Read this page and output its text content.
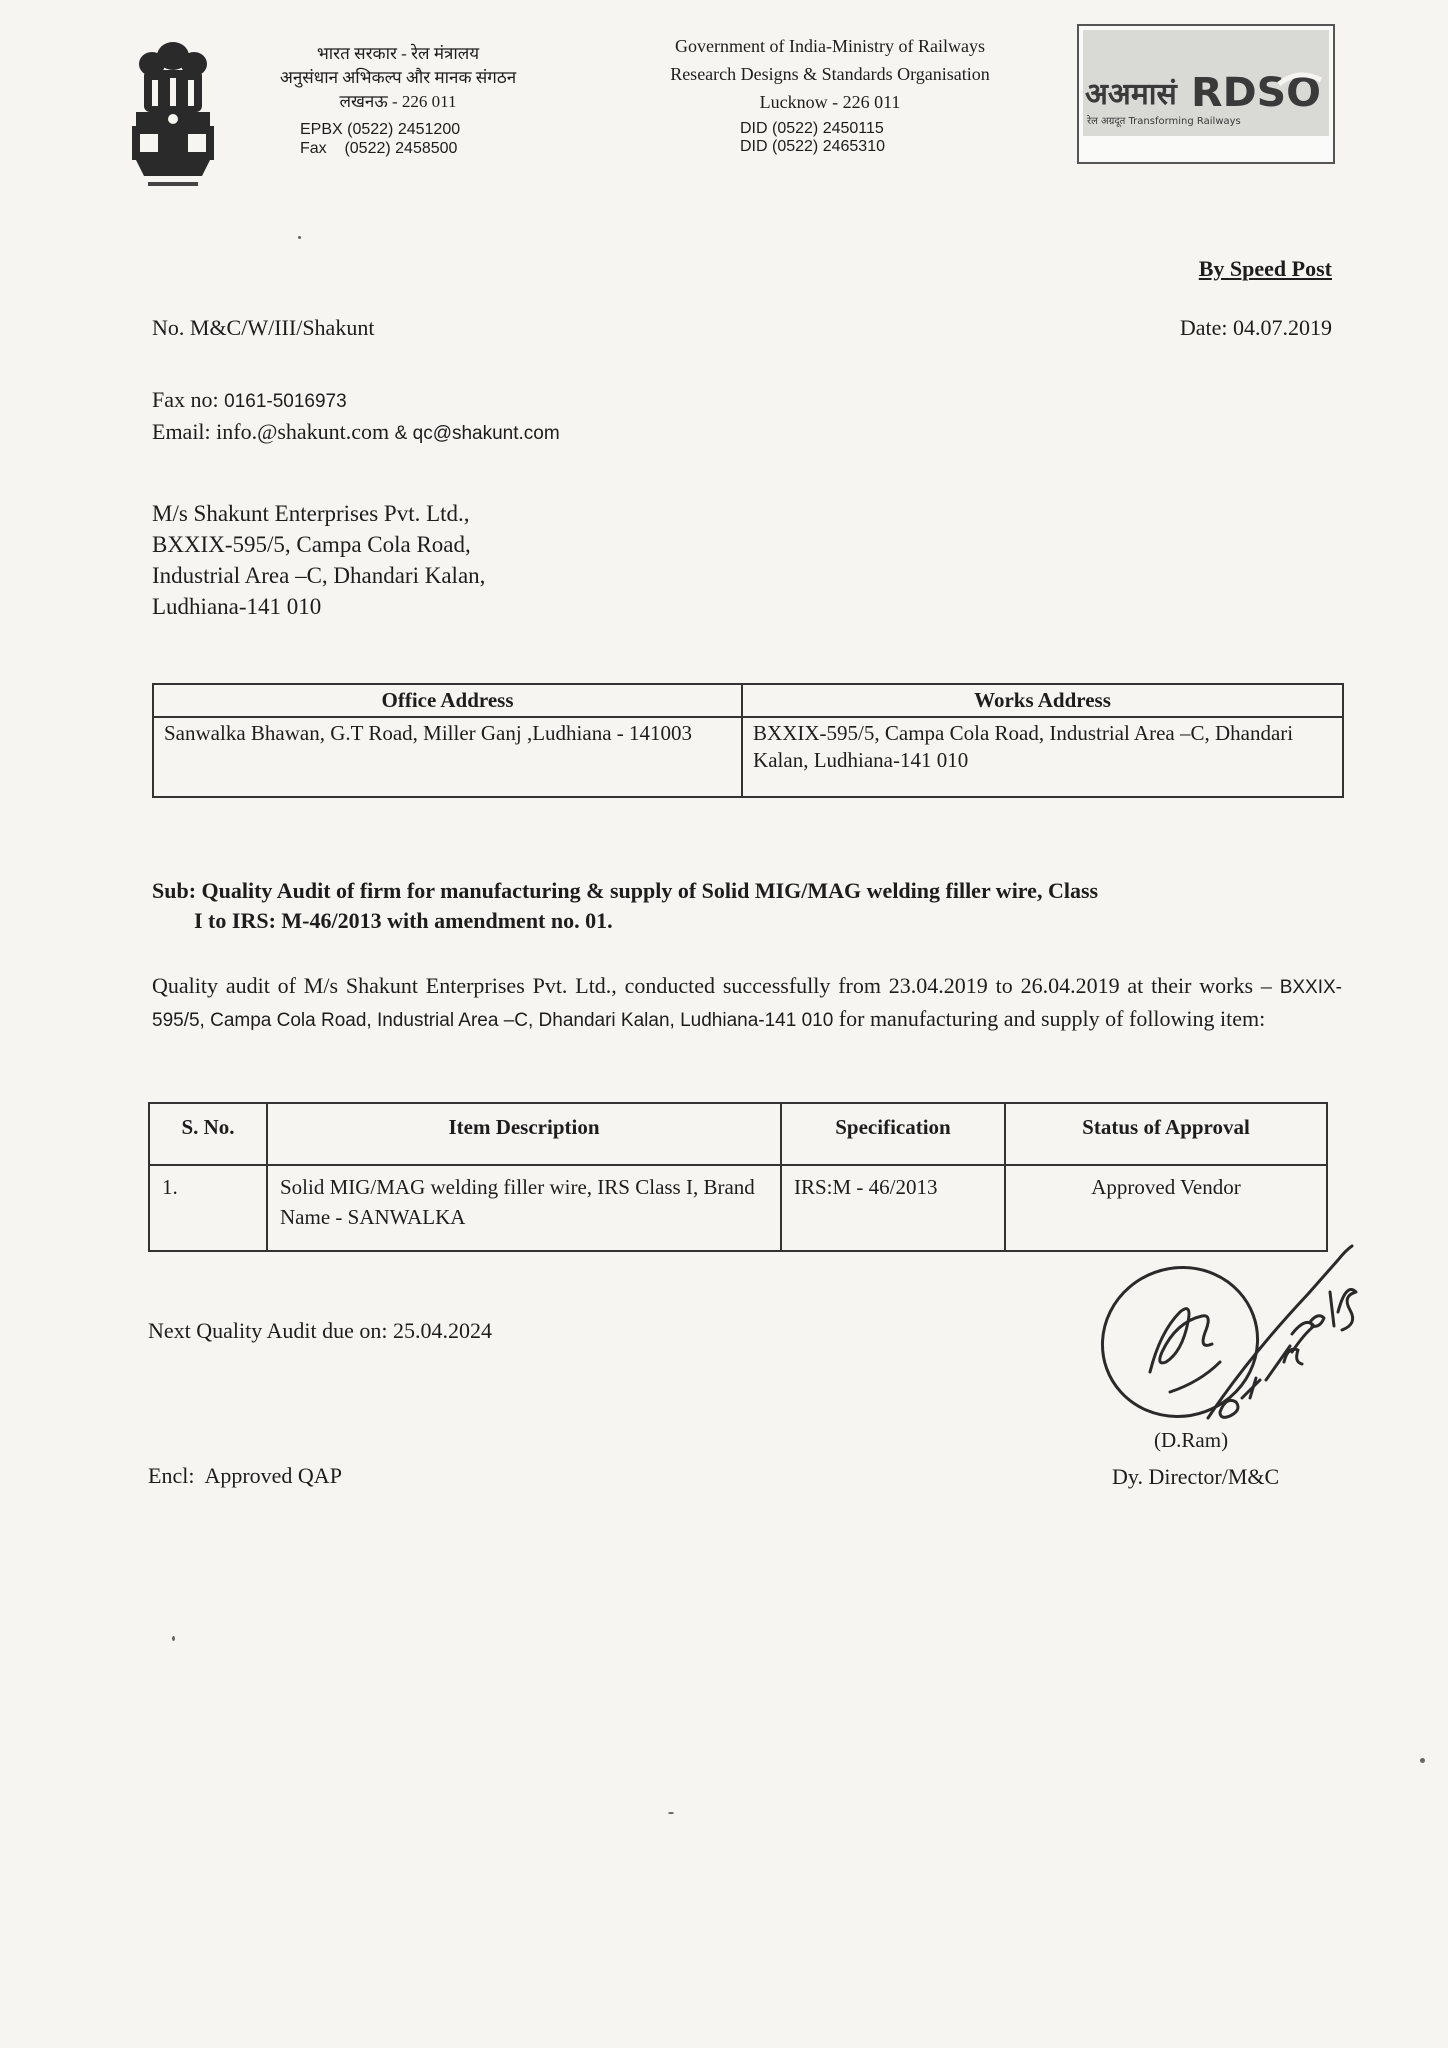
भारत सरकार - रेल मंत्रालय
अनुसंधान अभिकल्प और मानक संगठन
लखनऊ - 226 011
EPBX (0522) 2451200
Fax    (0522) 2458500
Government of India-Ministry of Railways
Research Designs & Standards Organisation
Lucknow - 226 011
DID (0522) 2450115
DID (0522) 2465310
अअमासं RDSO
रेल अग्रदूत Transforming Railways
By Speed Post
No. M&C/W/III/Shakunt	Date: 04.07.2019
Fax no: 0161-5016973
Email: info.@shakunt.com & qc@shakunt.com
M/s Shakunt Enterprises Pvt. Ltd.,
BXXIX-595/5, Campa Cola Road,
Industrial Area –C, Dhandari Kalan,
Ludhiana-141 010
Office Address	Works Address
Sanwalka Bhawan, G.T Road, Miller Ganj ,Ludhiana - 141003	BXXIX-595/5, Campa Cola Road, Industrial Area –C, Dhandari Kalan, Ludhiana-141 010
Sub: Quality Audit of firm for manufacturing & supply of Solid MIG/MAG welding filler wire, Class
I to IRS: M-46/2013 with amendment no. 01.
Quality audit of M/s Shakunt Enterprises Pvt. Ltd., conducted successfully from 23.04.2019 to 26.04.2019 at their works – BXXIX-595/5, Campa Cola Road, Industrial Area –C, Dhandari Kalan, Ludhiana-141 010 for manufacturing and supply of following item:
S. No.	Item Description	Specification	Status of Approval
1.	Solid MIG/MAG welding filler wire, IRS Class I, Brand Name - SANWALKA	IRS:M - 46/2013	Approved Vendor
Next Quality Audit due on: 25.04.2024
Encl: Approved QAP
(D.Ram)
Dy. Director/M&C
